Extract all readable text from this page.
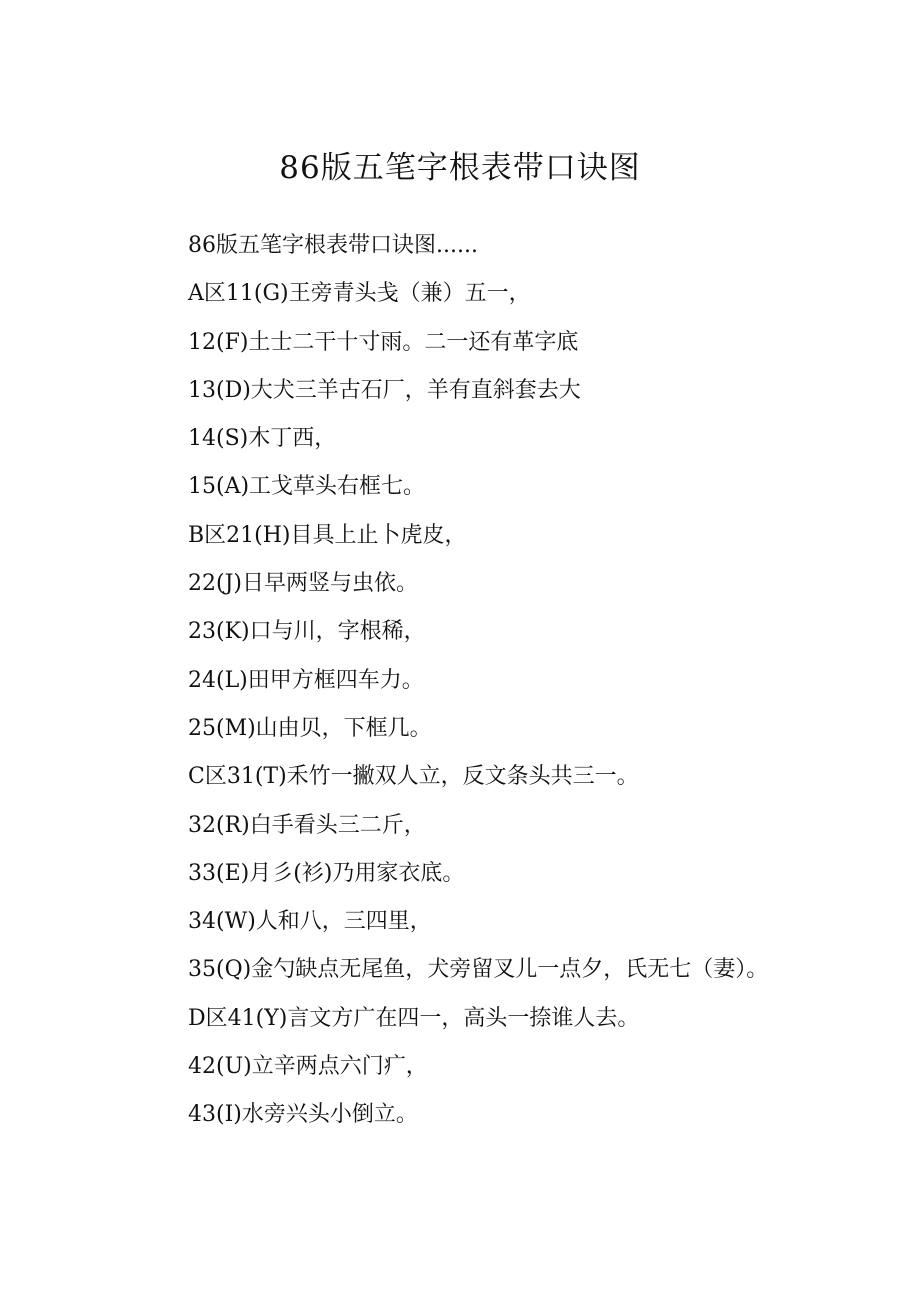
86版五笔字根表带口诀图
86版五笔字根表带口诀图......
A区11(G)王旁青头戋（兼）五一，
12(F)土士二干十寸雨。二一还有革字底
13(D)大犬三羊古石厂，羊有直斜套去大
14(S)木丁西，
15(A)工戈草头右框七。
B区21(H)目具上止卜虎皮，
22(J)日早两竖与虫依。
23(K)口与川，字根稀，
24(L)田甲方框四车力。
25(M)山由贝，下框几。
C区31(T)禾竹一撇双人立，反文条头共三一。
32(R)白手看头三二斤，
33(E)月彡(衫)乃用家衣底。
34(W)人和八，三四里，
35(Q)金勺缺点无尾鱼，犬旁留叉儿一点夕，氏无七（妻）。
D区41(Y)言文方广在四一，高头一捺谁人去。
42(U)立辛两点六门疒，
43(I)水旁兴头小倒立。
